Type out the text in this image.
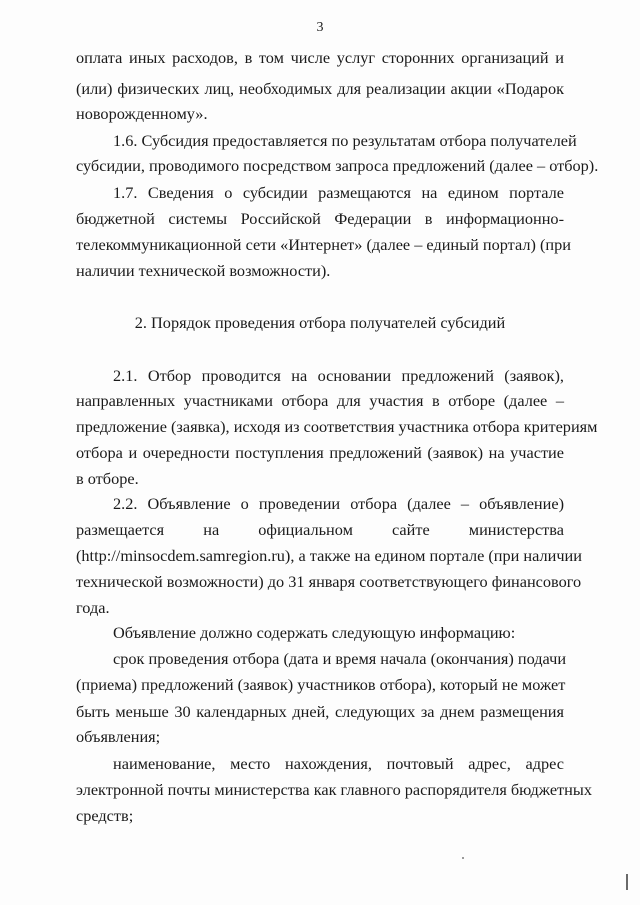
3
оплата иных расходов, в том числе услуг сторонних организаций и
(или) физических лиц, необходимых для реализации акции «Подарок
новорожденному».
1.6. Субсидия предоставляется по результатам отбора получателей
субсидии, проводимого посредством запроса предложений (далее – отбор).
1.7. Сведения о субсидии размещаются на едином портале
бюджетной системы Российской Федерации в информационно-
телекоммуникационной сети «Интернет» (далее – единый портал) (при
наличии технической возможности).
2. Порядок проведения отбора получателей субсидий
2.1. Отбор проводится на основании предложений (заявок),
направленных участниками отбора для участия в отборе (далее –
предложение (заявка), исходя из соответствия участника отбора критериям
отбора и очередности поступления предложений (заявок) на участие
в отборе.
2.2. Объявление о проведении отбора (далее – объявление)
размещается на официальном сайте министерства
(http://minsocdem.samregion.ru), а также на едином портале (при наличии
технической возможности) до 31 января соответствующего финансового
года.
Объявление должно содержать следующую информацию:
срок проведения отбора (дата и время начала (окончания) подачи
(приема) предложений (заявок) участников отбора), который не может
быть меньше 30 календарных дней, следующих за днем размещения
объявления;
наименование, место нахождения, почтовый адрес, адрес
электронной почты министерства как главного распорядителя бюджетных
средств;
